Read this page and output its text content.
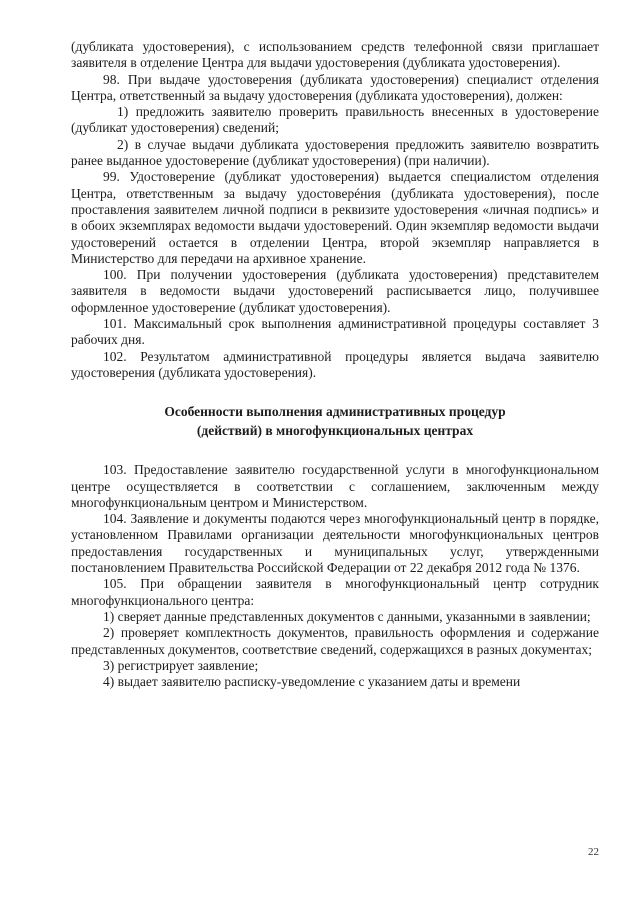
(дубликата удостоверения), с использованием средств телефонной связи приглашает заявителя в отделение Центра для выдачи удостоверения (дубликата удостоверения).

98. При выдаче удостоверения (дубликата удостоверения) специалист отделения Центра, ответственный за выдачу удостоверения (дубликата удостоверения), должен:

1) предложить заявителю проверить правильность внесенных в удостоверение (дубликат удостоверения) сведений;

2) в случае выдачи дубликата удостоверения предложить заявителю возвратить ранее выданное удостоверение (дубликат удостоверения) (при наличии).

99. Удостоверение (дубликат удостоверения) выдается специалистом отделения Центра, ответственным за выдачу удостоверéния (дубликата удостоверения), после проставления заявителем личной подписи в реквизите удостоверения «личная подпись» и в обоих экземплярах ведомости выдачи удостоверений. Один экземпляр ведомости выдачи удостоверений остается в отделении Центра, второй экземпляр направляется в Министерство для передачи на архивное хранение.

100. При получении удостоверения (дубликата удостоверения) представителем заявителя в ведомости выдачи удостоверений расписывается лицо, получившее оформленное удостоверение (дубликат удостоверения).

101. Максимальный срок выполнения административной процедуры составляет 3 рабочих дня.

102. Результатом административной процедуры является выдача заявителю удостоверения (дубликата удостоверения).

Особенности выполнения административных процедур
(действий) в многофункциональных центрах

103. Предоставление заявителю государственной услуги в многофункциональном центре осуществляется в соответствии с соглашением, заключенным между многофункциональным центром и Министерством.

104. Заявление и документы подаются через многофункциональный центр в порядке, установленном Правилами организации деятельности многофункциональных центров предоставления государственных и муниципальных услуг, утвержденными постановлением Правительства Российской Федерации от 22 декабря 2012 года № 1376.

105. При обращении заявителя в многофункциональный центр сотрудник многофункционального центра:

1) сверяет данные представленных документов с данными, указанными в заявлении;

2) проверяет комплектность документов, правильность оформления и содержание представленных документов, соответствие сведений, содержащихся в разных документах;

3) регистрирует заявление;

4) выдает заявителю расписку-уведомление с указанием даты и времени

22
